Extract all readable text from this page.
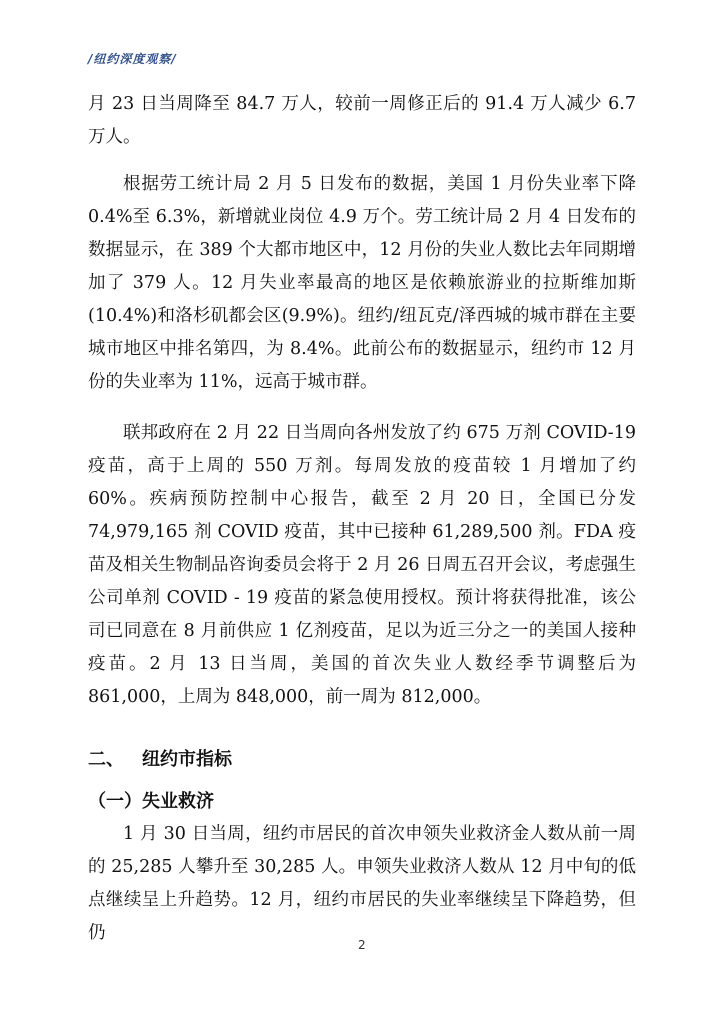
/纽约深度观察/

月 23 日当周降至 84.7 万人，较前一周修正后的 91.4 万人减少 6.7 万人。

根据劳工统计局 2 月 5 日发布的数据，美国 1 月份失业率下降 0.4%至 6.3%，新增就业岗位 4.9 万个。劳工统计局 2 月 4 日发布的数据显示，在 389 个大都市地区中，12 月份的失业人数比去年同期增加了 379 人。12 月失业率最高的地区是依赖旅游业的拉斯维加斯(10.4%)和洛杉矶都会区(9.9%)。纽约/纽瓦克/泽西城的城市群在主要城市地区中排名第四，为 8.4%。此前公布的数据显示，纽约市 12 月份的失业率为 11%，远高于城市群。

联邦政府在 2 月 22 日当周向各州发放了约 675 万剂 COVID-19 疫苗，高于上周的 550 万剂。每周发放的疫苗较 1 月增加了约 60%。疾病预防控制中心报告，截至 2 月 20 日，全国已分发 74,979,165 剂 COVID 疫苗，其中已接种 61,289,500 剂。FDA 疫苗及相关生物制品咨询委员会将于 2 月 26 日周五召开会议，考虑强生公司单剂 COVID - 19 疫苗的紧急使用授权。预计将获得批准，该公司已同意在 8 月前供应 1 亿剂疫苗，足以为近三分之一的美国人接种疫苗。2 月 13 日当周，美国的首次失业人数经季节调整后为 861,000，上周为 848,000，前一周为 812,000。

二、 纽约市指标
（一）失业救济

1 月 30 日当周，纽约市居民的首次申领失业救济金人数从前一周的 25,285 人攀升至 30,285 人。申领失业救济人数从 12 月中旬的低点继续呈上升趋势。12 月，纽约市居民的失业率继续呈下降趋势，但仍

2
